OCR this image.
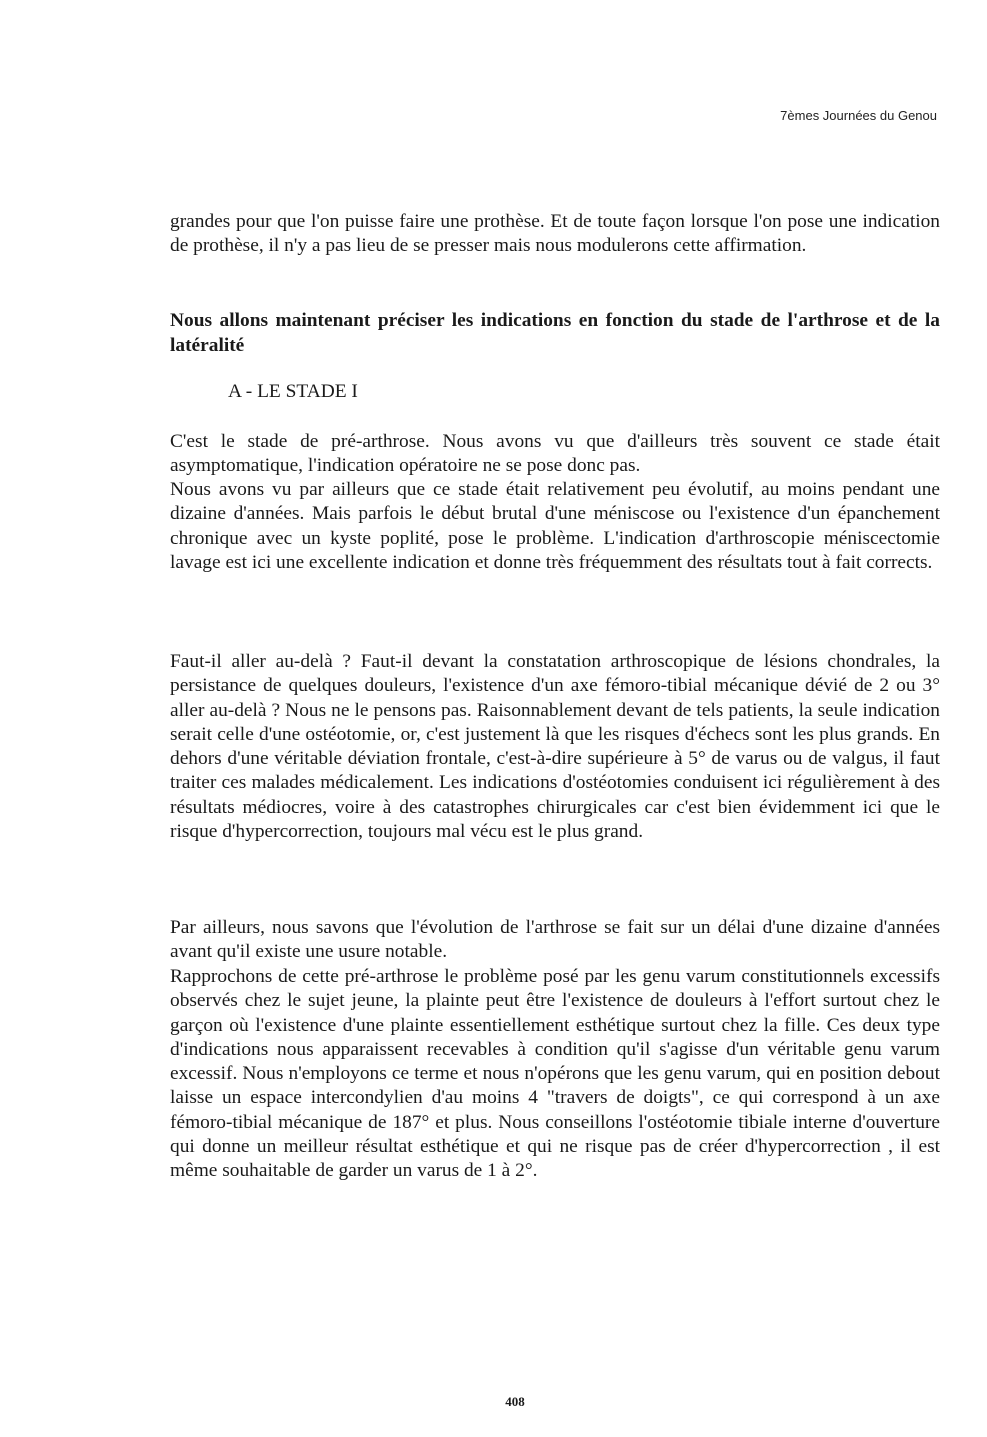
7èmes Journées du Genou

grandes pour que l'on puisse faire une prothèse. Et de toute façon lorsque l'on pose une indication de prothèse, il n'y a pas lieu de se presser mais nous modulerons cette affirmation.

Nous allons maintenant préciser les indications en fonction du stade de l'arthrose et de la latéralité

A - LE STADE I

C'est le stade de pré-arthrose. Nous avons vu que d'ailleurs très souvent ce stade était asymptomatique, l'indication opératoire ne se pose donc pas.

Nous avons vu par ailleurs que ce stade était relativement peu évolutif, au moins pendant une dizaine d'années. Mais parfois le début brutal d'une méniscose ou l'existence d'un épanchement chronique avec un kyste poplité, pose le problème. L'indication d'arthroscopie méniscectomie lavage est ici une excellente indication et donne très fréquemment des résultats tout à fait corrects.

Faut-il aller au-delà ? Faut-il devant la constatation arthroscopique de lésions chondrales, la persistance de quelques douleurs, l'existence d'un axe fémoro-tibial mécanique dévié de 2 ou 3° aller au-delà ? Nous ne le pensons pas. Raisonnablement devant de tels patients, la seule indication serait celle d'une ostéotomie, or, c'est justement là que les risques d'échecs sont les plus grands. En dehors d'une véritable déviation frontale, c'est-à-dire supérieure à 5° de varus ou de valgus, il faut traiter ces malades médicalement. Les indications d'ostéotomies conduisent ici régulièrement à des résultats médiocres, voire à des catastrophes chirurgicales car c'est bien évidemment ici que le risque d'hypercorrection, toujours mal vécu est le plus grand.

Par ailleurs, nous savons que l'évolution de l'arthrose se fait sur un délai d'une dizaine d'années avant qu'il existe une usure notable.

Rapprochons de cette pré-arthrose le problème posé par les genu varum constitutionnels excessifs observés chez le sujet jeune, la plainte peut être l'existence de douleurs à l'effort surtout chez le garçon où l'existence d'une plainte essentiellement esthétique surtout chez la fille. Ces deux type d'indications nous apparaissent recevables à condition qu'il s'agisse d'un véritable genu varum excessif. Nous n'employons ce terme et nous n'opérons que les genu varum, qui en position debout laisse un espace intercondylien d'au moins 4 "travers de doigts", ce qui correspond à un axe fémoro-tibial mécanique de 187° et plus. Nous conseillons l'ostéotomie tibiale interne d'ouverture qui donne un meilleur résultat esthétique et qui ne risque pas de créer d'hypercorrection , il est même souhaitable de garder un varus de 1 à 2°.

408
